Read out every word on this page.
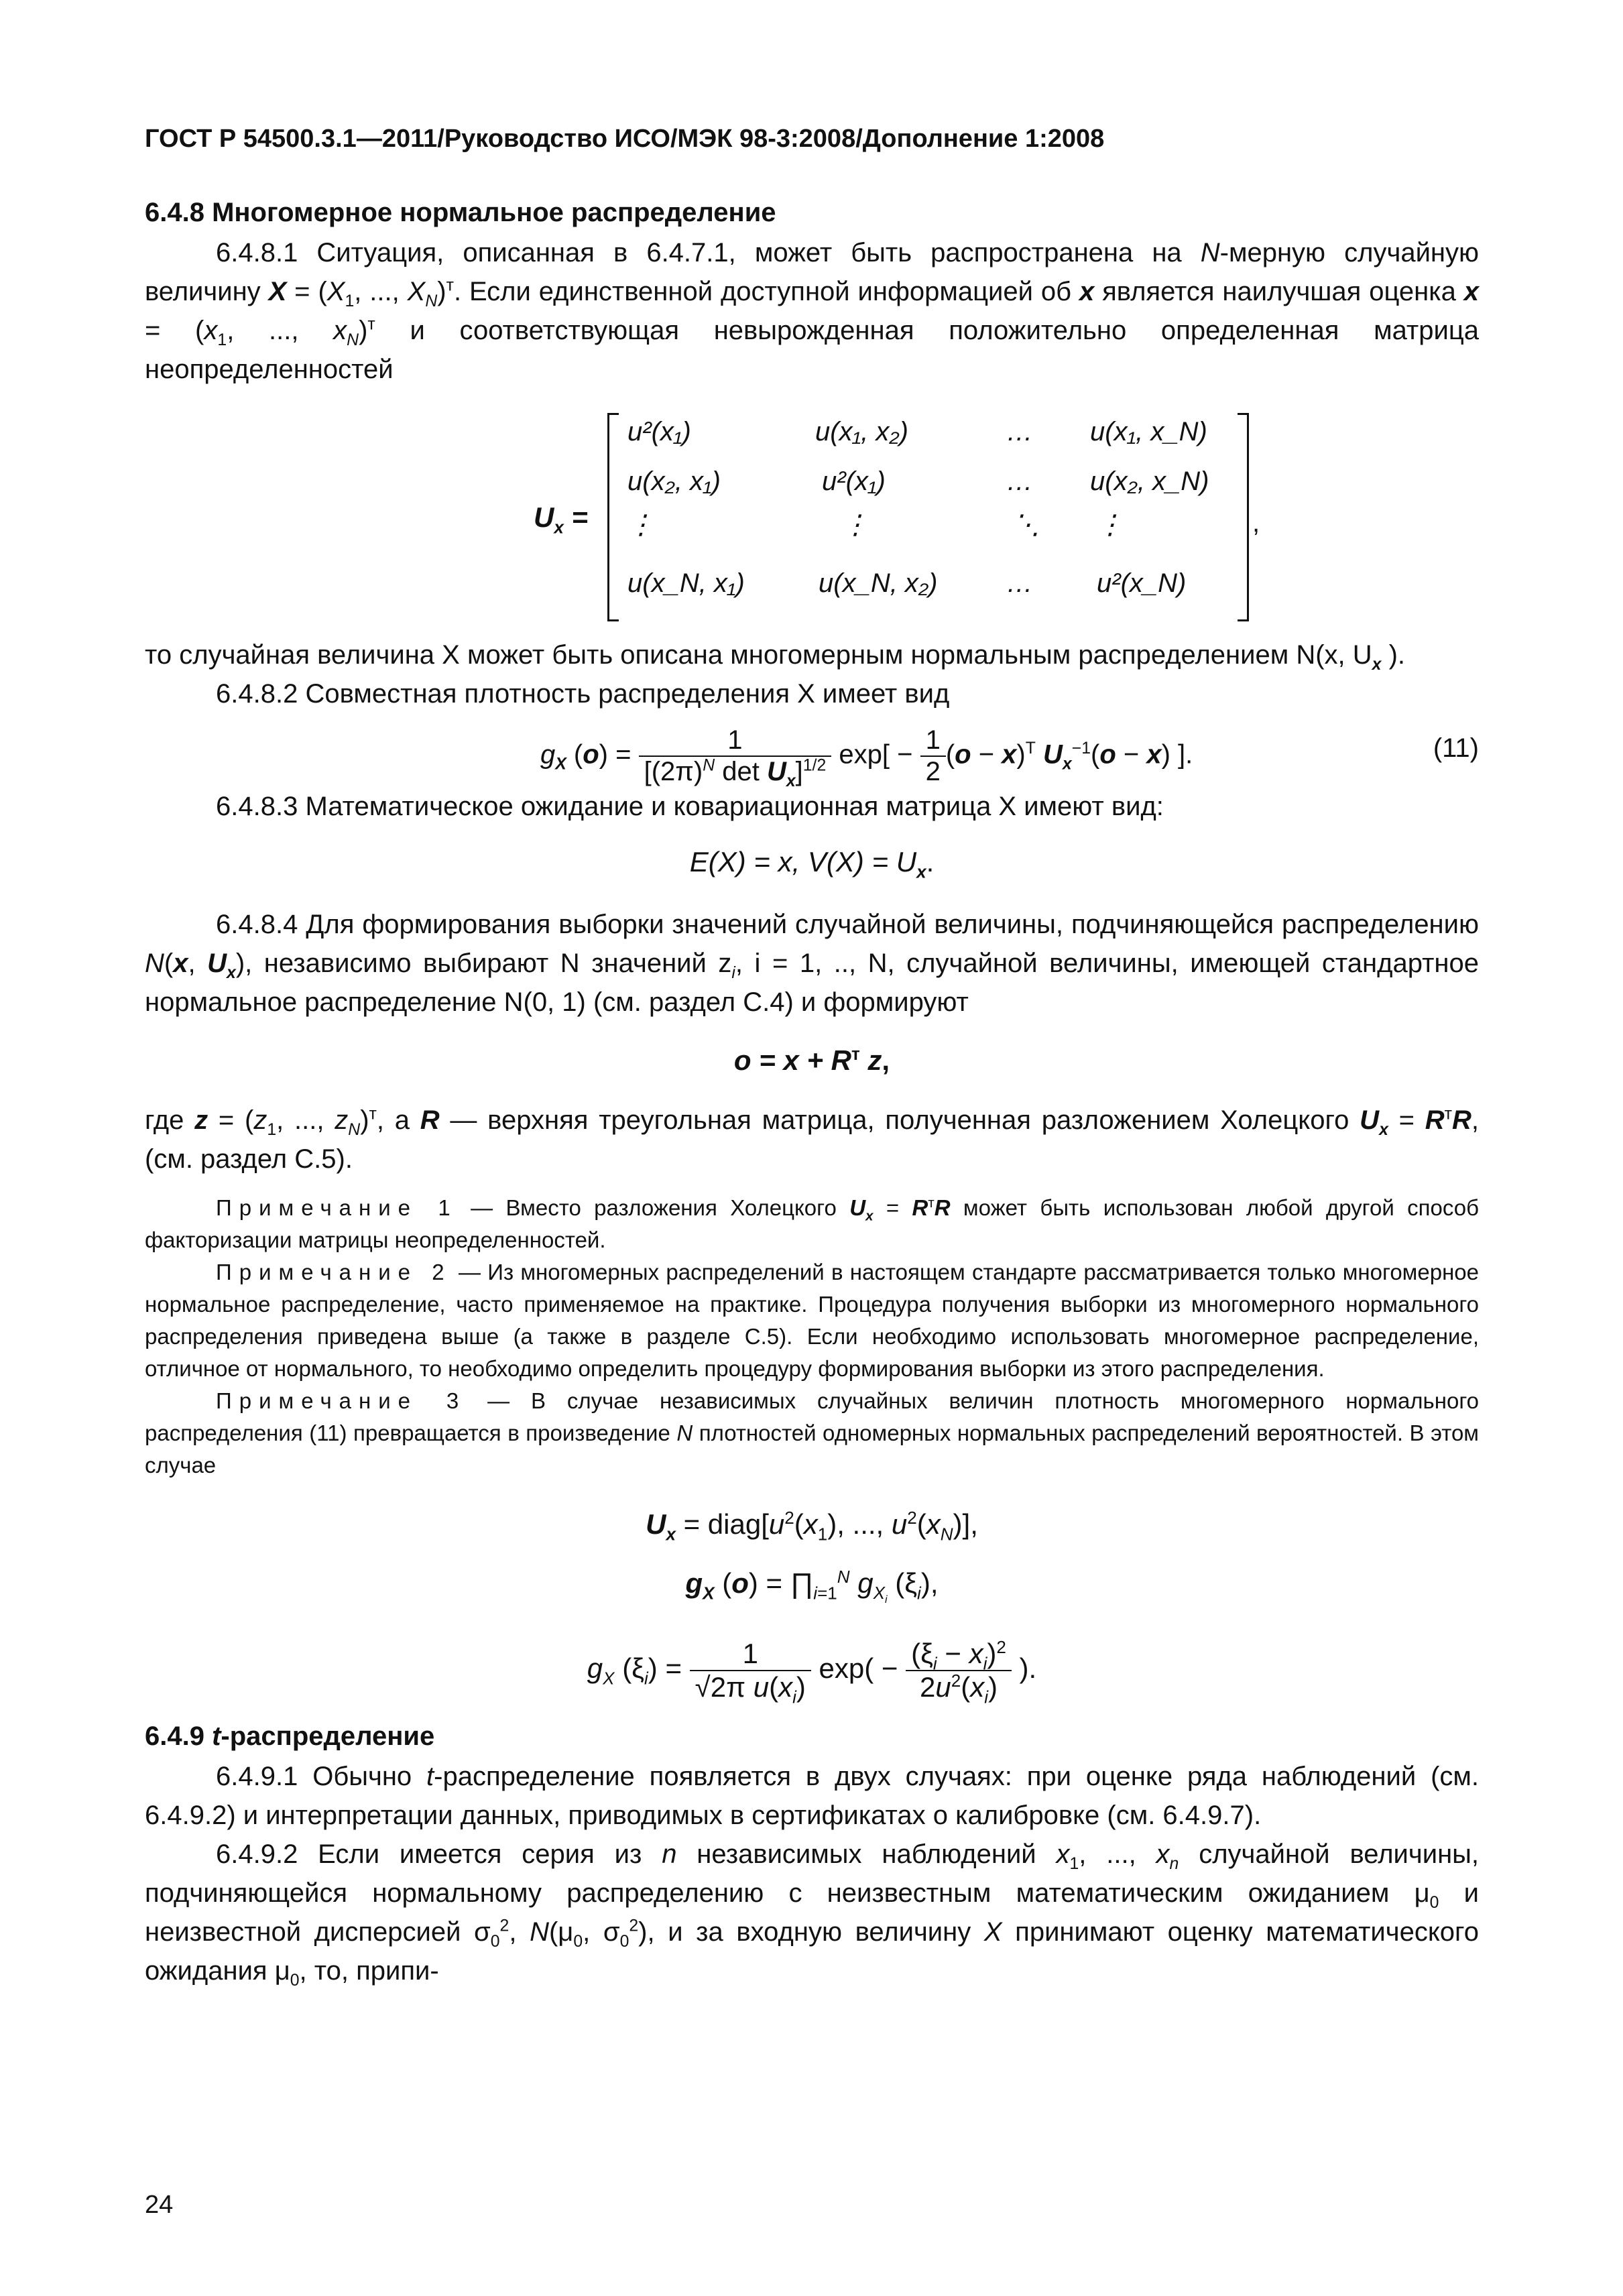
ГОСТ Р 54500.3.1—2011/Руководство ИСО/МЭК 98-3:2008/Дополнение 1:2008
6.4.8 Многомерное нормальное распределение

6.4.8.1 Ситуация, описанная в 6.4.7.1, может быть распространена на N-мерную случайную величину $X = (X_1$, ..., $X_N)^т$. Если единственной доступной информацией об x является наилучшая оценка $x = (x_1$, ..., $x_N)^т$ и соответствующая невырожденная положительно определенная матрица неопределенностей

$U_x$ =
u²(x₁)	u(x₁, x₂)	… u(x₁, x_N)
u(x₂, x₁)	u²(x₁)	… u(x₂, x_N)
⋮	⋮	⋱ ⋮
u(x_N, x₁)	u(x_N, x₂)	… u²(x_N)
,

то случайная величина X может быть описана многомерным нормальным распределением N(x, $U_x$ ).

6.4.8.2 Совместная плотность распределения X имеет вид

$g_X$ $(o) = \frac{1}{[(2\pi)^N \det U_x]^{1/2}} \exp[ - \frac{1}{2} (o - x)^T$ $U_x^{-1}(o - x)$ ].	(11)

6.4.8.3 Математическое ожидание и ковариационная матрица X имеют вид:

E(X) = x, $V(X) = U_x$.

6.4.8.4 Для формирования выборки значений случайной величины, подчиняющейся распределению N(x, $U_x$), независимо выбирают N значений $z_i$, i = 1, .., N, случайной величины, имеющей стандартное нормальное распределение N(0, 1) (см. раздел С.4) и формируют

$o = x + R^т$ z,

где $z = (z_1$, ..., $z_N)^т$, а R — верхняя треугольная матрица, полученная разложением Холецкого $U_x = R^тR$, (см. раздел С.5).

Примечание 1 — Вместо разложения Холецкого $U_x = R^тR$ может быть использован любой другой способ факторизации матрицы неопределенностей.

Примечание 2 — Из многомерных распределений в настоящем стандарте рассматривается только многомерное нормальное распределение, часто применяемое на практике. Процедура получения выборки из многомерного нормального распределения приведена выше (а также в разделе С.5). Если необходимо использовать многомерное распределение, отличное от нормального, то необходимо определить процедуру формирования выборки из этого распределения.

Примечание 3 — В случае независимых случайных величин плотность многомерного нормального распределения (11) превращается в произведение N плотностей одномерных нормальных распределений вероятностей. В этом случае

$U_x$ = $diag[u^2(x_1)$, ..., $u^2(x_N)$],
$g_X$ $(o) = \prod_{i=1}^N$ $g_{X_i}$ $(\xi_i)$,
$g_X$ $(\xi_i) = \frac{1}{√2\pi u(x_i)} \exp( - \frac{(\xi_i - x_i)^2}{2u^2(x_i)}$ ).
6.4.9 t-распределение

6.4.9.1 Обычно t-распределение появляется в двух случаях: при оценке ряда наблюдений (см. 6.4.9.2) и интерпретации данных, приводимых в сертификатах о калибровке (см. 6.4.9.7).

6.4.9.2 Если имеется серия из n независимых наблюдений $x_1$, ..., $x_n$ случайной величины, подчиняющейся нормальному распределению с неизвестным математическим ожиданием $\mu_0$ и неизвестной дисперсией $\sigma_0^2$, $N(\mu_0$, $\sigma_0^2$), и за входную величину X принимают оценку математического ожидания $\mu_0$, то, припи-

24
